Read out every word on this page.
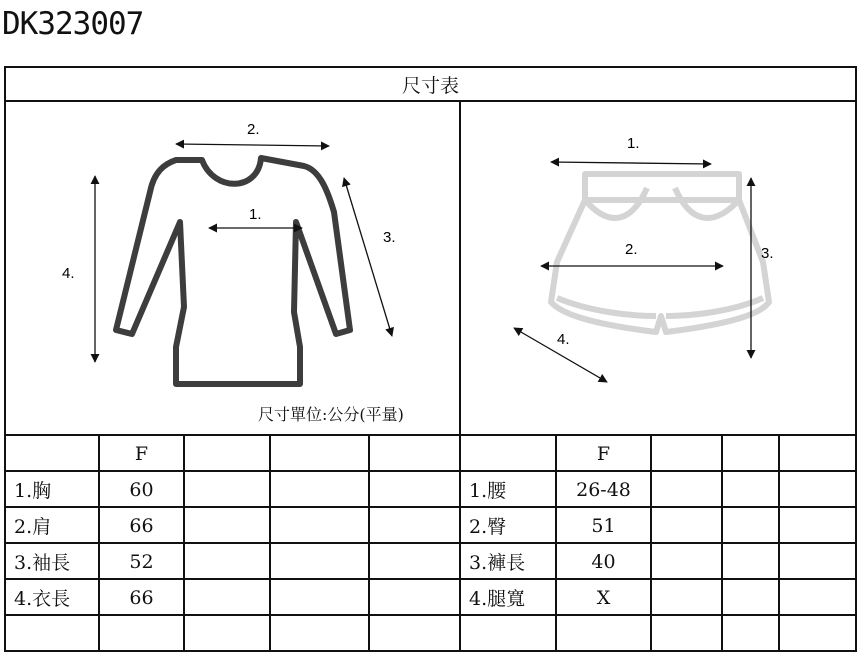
DK323007
尺寸表
2.
1.
3.
4.
1.
2.	3.
4.
尺寸單位:公分(平量)
F
1.胸	60
2.肩	66
3.袖長	52
4.衣長	66
F
1.腰	26-48
2.臀	51
3.褲長	40
4.腿寬	X
